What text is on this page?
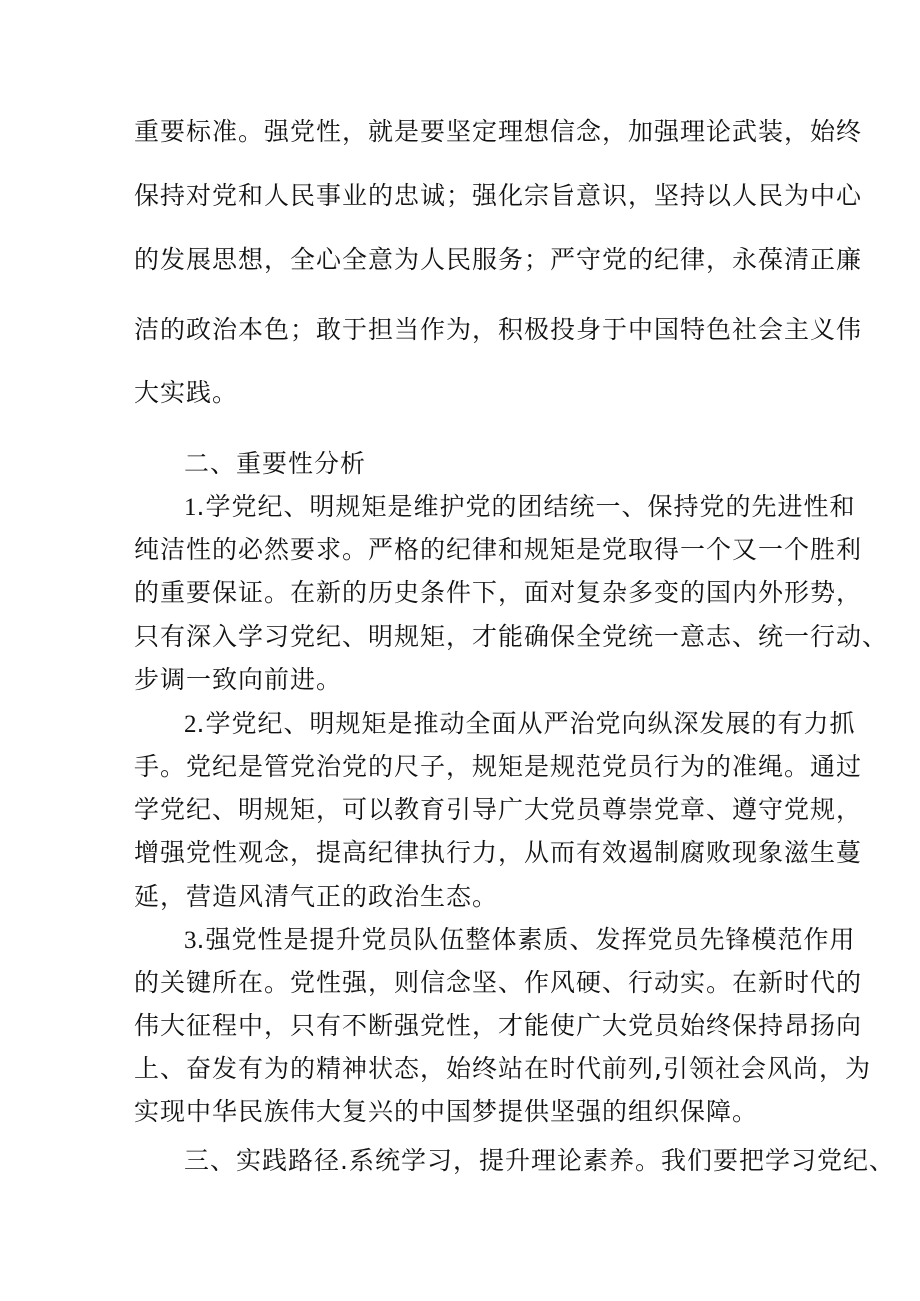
重要标准。强党性，就是要坚定理想信念，加强理论武装，始终
保持对党和人民事业的忠诚；强化宗旨意识，坚持以人民为中心
的发展思想，全心全意为人民服务；严守党的纪律，永葆清正廉
洁的政治本色；敢于担当作为，积极投身于中国特色社会主义伟
大实践。
二、重要性分析
1.学党纪、明规矩是维护党的团结统一、保持党的先进性和
纯洁性的必然要求。严格的纪律和规矩是党取得一个又一个胜利
的重要保证。在新的历史条件下，面对复杂多变的国内外形势，
只有深入学习党纪、明规矩，才能确保全党统一意志、统一行动、
步调一致向前进。
2.学党纪、明规矩是推动全面从严治党向纵深发展的有力抓
手。党纪是管党治党的尺子，规矩是规范党员行为的准绳。通过
学党纪、明规矩，可以教育引导广大党员尊崇党章、遵守党规，
增强党性观念，提高纪律执行力，从而有效遏制腐败现象滋生蔓
延，营造风清气正的政治生态。
3.强党性是提升党员队伍整体素质、发挥党员先锋模范作用
的关键所在。党性强，则信念坚、作风硬、行动实。在新时代的
伟大征程中，只有不断强党性，才能使广大党员始终保持昂扬向
上、奋发有为的精神状态，始终站在时代前列,引领社会风尚，为
实现中华民族伟大复兴的中国梦提供坚强的组织保障。
三、实践路径.系统学习，提升理论素养。我们要把学习党纪、
